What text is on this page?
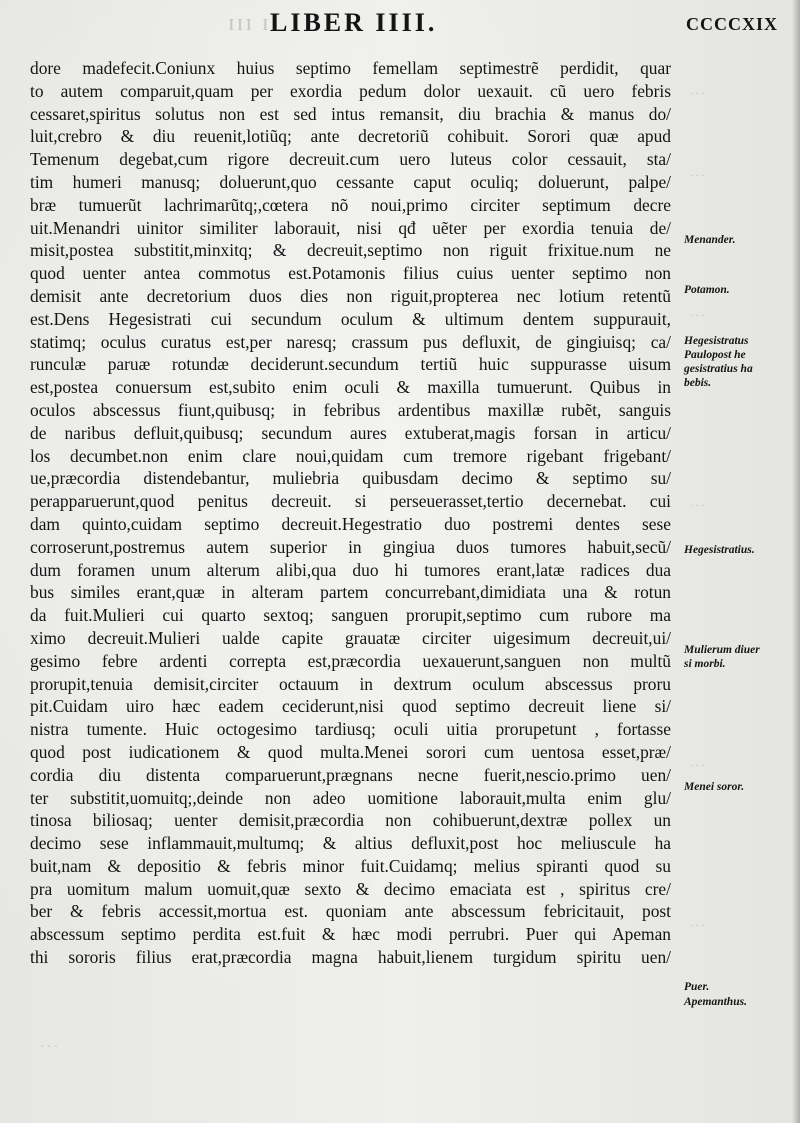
ɪɪɪ ɪ LIBER IIII.	CCCCXIX
· · ·
· · ·
· · ·
· · ·
· · ·
· · ·
dore madefecit.Coniunx huius septimo femellam septimestrẽ perdidit, quar
to autem comparuit,quam per exordia pedum dolor uexauit. cũ uero febris
cessaret,spiritus solutus non est sed intus remansit, diu brachia & manus do/
luit,crebro & diu reuenit,lotiũq; ante decretoriũ cohibuit. Sorori quæ apud
Temenum degebat,cum rigore decreuit.cum uero luteus color cessauit, sta/
tim humeri manusq; doluerunt,quo cessante caput oculiq; doluerunt, palpe/
bræ tumuerũt lachrimarũtq;,cœtera nõ noui,primo circiter septimum decre
uit.Menandri uinitor similiter laborauit, nisi qđ uẽter per exordia tenuia de/
misit,postea substitit,minxitq; & decreuit,septimo non riguit frixitue.num ne
quod uenter antea commotus est.Potamonis filius cuius uenter septimo non
demisit ante decretorium duos dies non riguit,propterea nec lotium retentũ
est.Dens Hegesistrati cui secundum oculum & ultimum dentem suppurauit,
statimq; oculus curatus est,per naresq; crassum pus defluxit, de gingiuisq; ca/
runculæ paruæ rotundæ deciderunt.secundum tertiũ huic suppurasse uisum
est,postea conuersum est,subito enim oculi & maxilla tumuerunt. Quibus in
oculos abscessus fiunt,quibusq; in febribus ardentibus maxillæ rubẽt, sanguis
de naribus defluit,quibusq; secundum aures extuberat,magis forsan in articu/
los decumbet.non enim clare noui,quidam cum tremore rigebant frigebant/
ue,præcordia distendebantur, muliebria quibusdam decimo & septimo su/
perapparuerunt,quod penitus decreuit. si perseuerasset,tertio decernebat. cui
dam quinto,cuidam septimo decreuit.Hegestratio duo postremi dentes sese
corroserunt,postremus autem superior in gingiua duos tumores habuit,secũ/
dum foramen unum alterum alibi,qua duo hi tumores erant,latæ radices dua
bus similes erant,quæ in alteram partem concurrebant,dimidiata una & rotun
da fuit.Mulieri cui quarto sextoq; sanguen prorupit,septimo cum rubore ma
ximo decreuit.Mulieri ualde capite grauatæ circiter uigesimum decreuit,ui/
gesimo febre ardenti correpta est,præcordia uexauerunt,sanguen non multũ
prorupit,tenuia demisit,circiter octauum in dextrum oculum abscessus proru
pit.Cuidam uiro hæc eadem ceciderunt,nisi quod septimo decreuit liene si/
nistra tumente. Huic octogesimo tardiusq; oculi uitia prorupetunt , fortasse
quod post iudicationem & quod multa.Menei sorori cum uentosa esset,præ/
cordia diu distenta comparuerunt,prægnans necne fuerit,nescio.primo uen/
ter substitit,uomuitq;,deinde non adeo uomitione laborauit,multa enim glu/
tinosa biliosaq; uenter demisit,præcordia non cohibuerunt,dextræ pollex un
decimo sese inflammauit,multumq; & altius defluxit,post hoc meliuscule ha
buit,nam & depositio & febris minor fuit.Cuidamq; melius spiranti quod su
pra uomitum malum uomuit,quæ sexto & decimo emaciata est , spiritus cre/
ber & febris accessit,mortua est. quoniam ante abscessum febricitauit, post
abscessum septimo perdita est.fuit & hæc modi perrubri. Puer qui Apeman
thi sororis filius erat,præcordia magna habuit,lienem turgidum spiritu uen/
Menander.
Potamon.
Hegesistratus
Paulopost he
gesistratius ha
bebis.
Hegesistratius.
Mulierum diuer
si morbi.
Menei soror.
Puer.
Apemanthus.
· · ·
